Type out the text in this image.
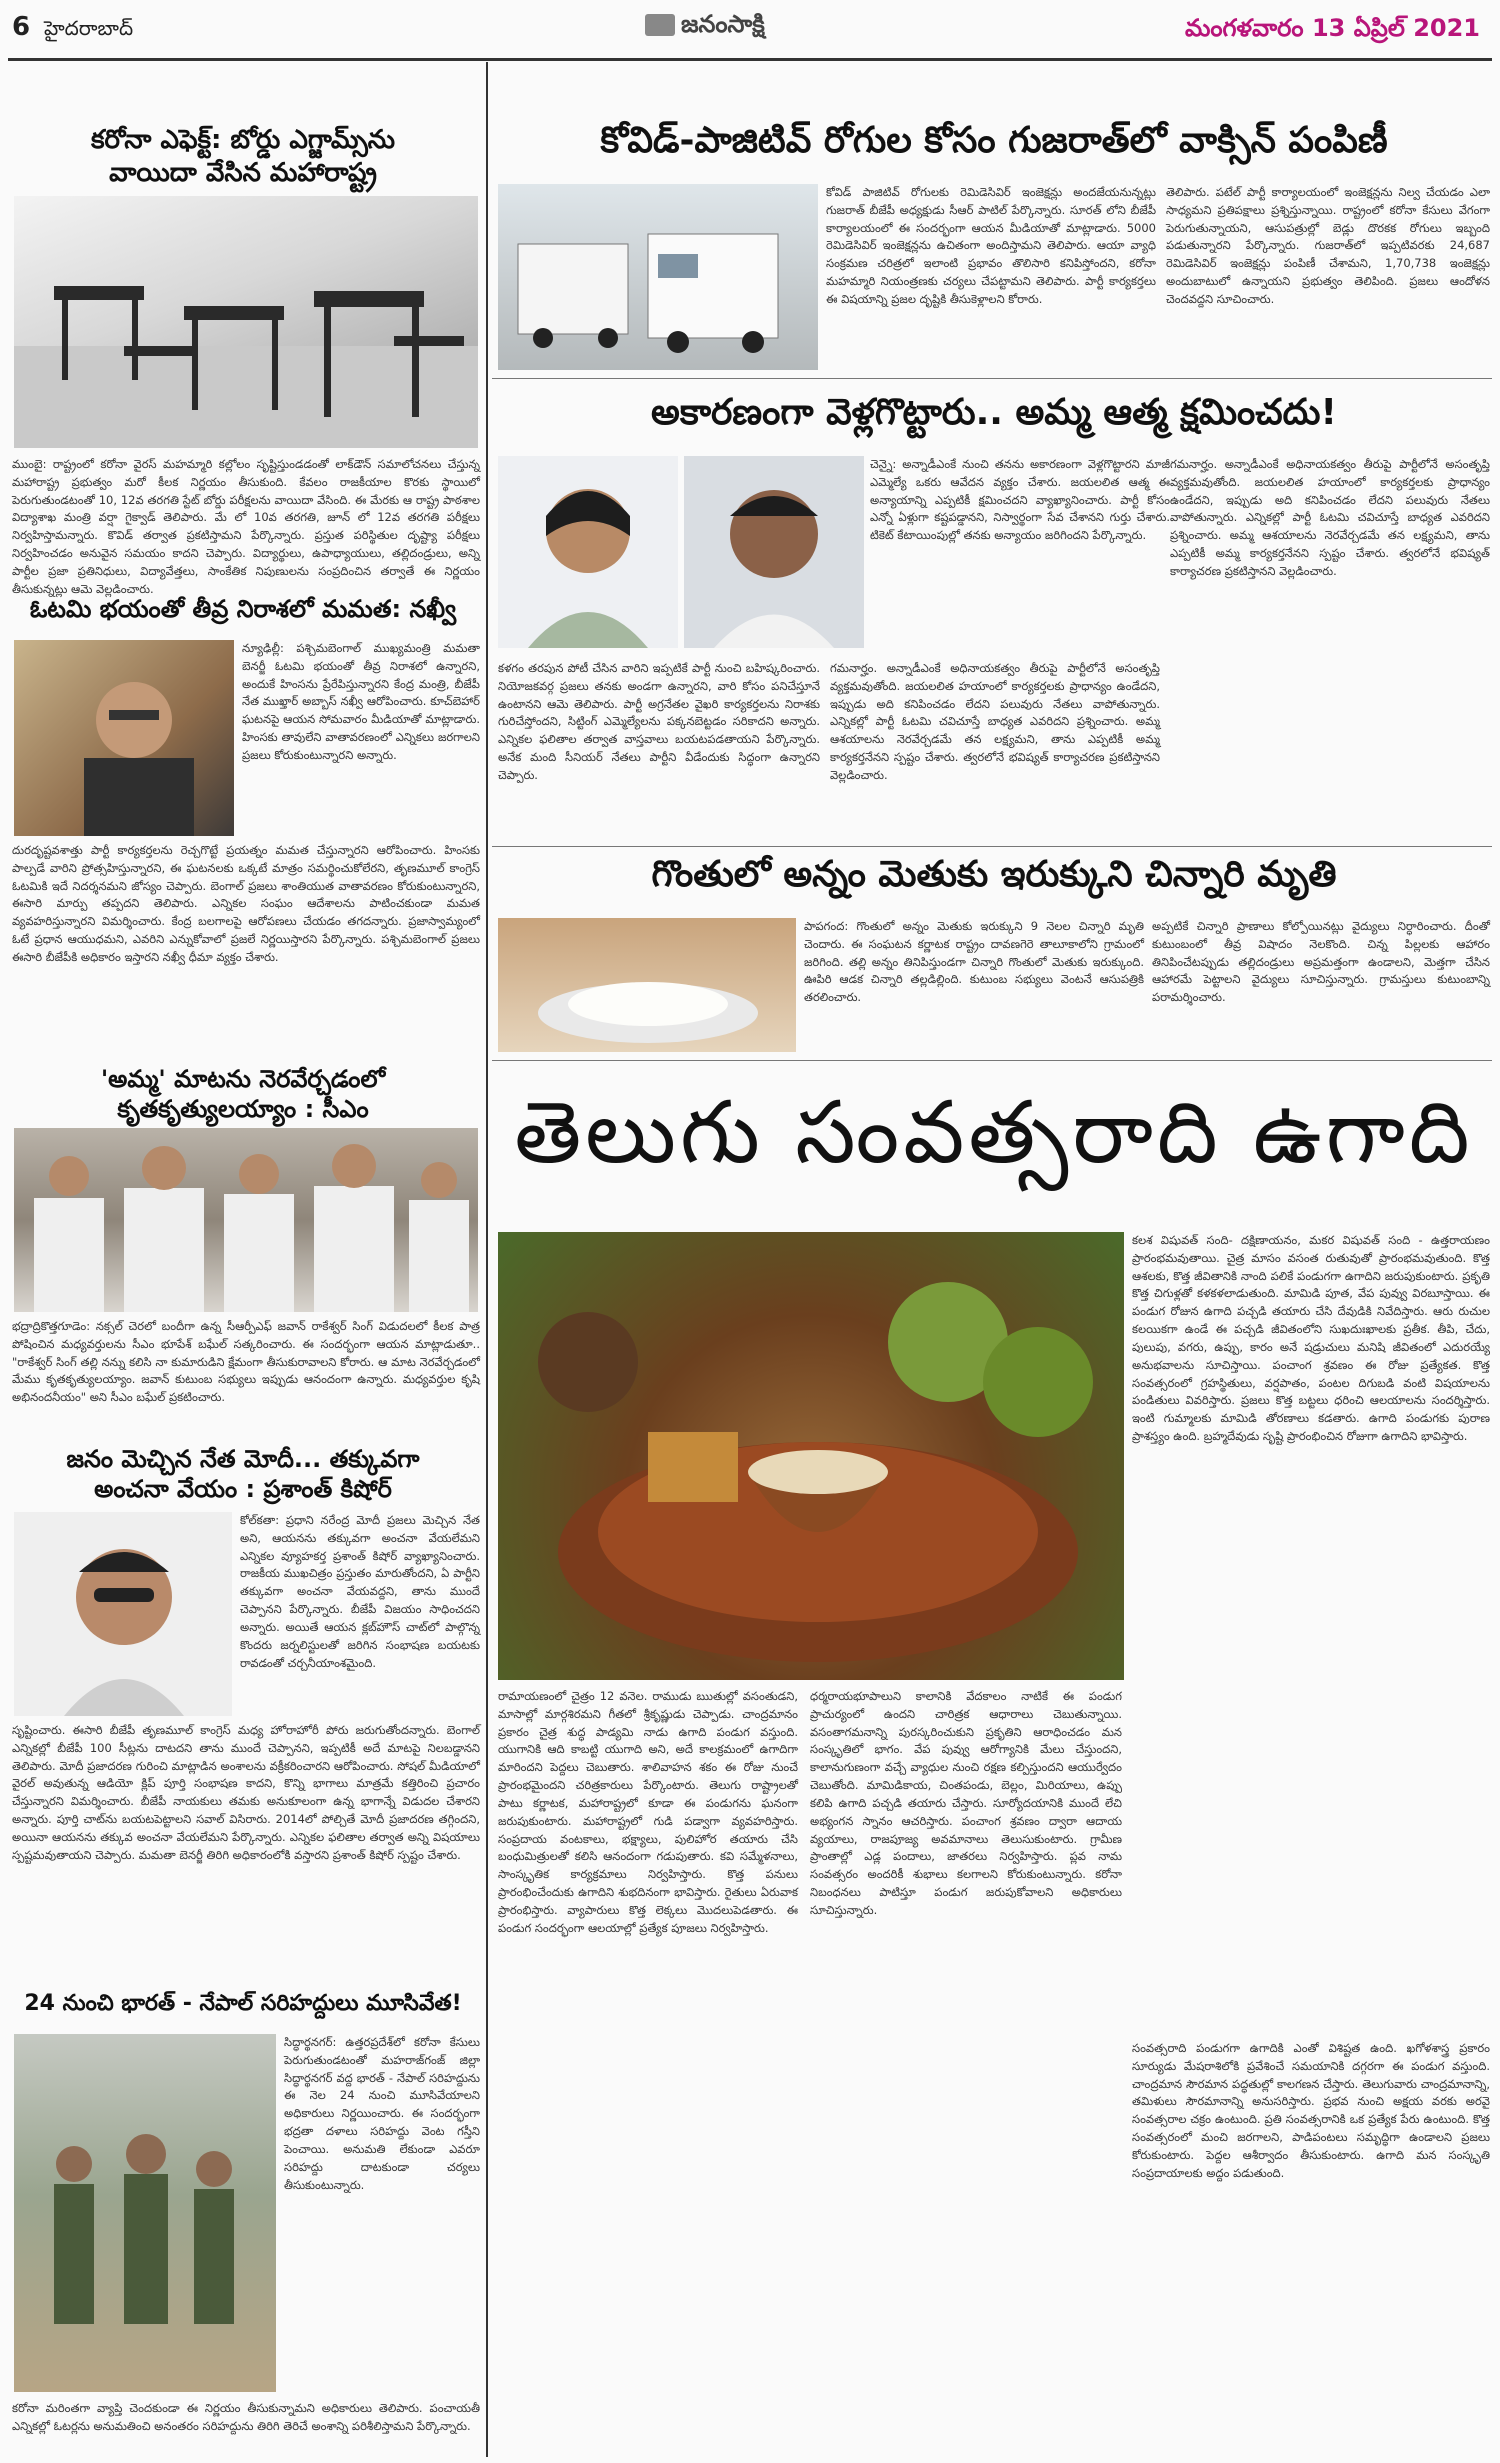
6 హైదరాబాద్	జనంసాక్షి	మంగళవారం 13 ఏప్రిల్ 2021
కరోనా ఎఫెక్ట్: బోర్డు ఎగ్జామ్స్‌ను
వాయిదా వేసిన మహారాష్ట్ర
ముంబై: రాష్ట్రంలో కరోనా వైరస్ మహమ్మారి కల్లోలం సృష్టిస్తుండడంతో లాక్‌డౌన్ సమాలోచనలు చేస్తున్న మహారాష్ట్ర ప్రభుత్వం మరో కీలక నిర్ణయం తీసుకుంది. కేవలం రాజకీయాల కొరకు స్థాయిలో పెరుగుతుండటంతో 10, 12వ తరగతి స్టేట్ బోర్డు పరీక్షలను వాయిదా వేసింది. ఈ మేరకు ఆ రాష్ట్ర పాఠశాల విద్యాశాఖ మంత్రి వర్షా గైక్వాడ్ తెలిపారు. మే లో 10వ తరగతి, జూన్ లో 12వ తరగతి పరీక్షలు నిర్వహిస్తామన్నారు. కొవిడ్ తర్వాత ప్రకటిస్తామని పేర్కొన్నారు. ప్రస్తుత పరిస్థితుల దృష్ట్యా పరీక్షలు నిర్వహించడం అనువైన సమయం కాదని చెప్పారు. విద్యార్థులు, ఉపాధ్యాయులు, తల్లిదండ్రులు, అన్ని పార్టీల ప్రజా ప్రతినిధులు, విద్యావేత్తలు, సాంకేతిక నిపుణులను సంప్రదించిన తర్వాతే ఈ నిర్ణయం తీసుకున్నట్లు ఆమె వెల్లడించారు.
ఓటమి భయంతో తీవ్ర నిరాశలో మమత: నఖ్వీ
న్యూఢిల్లీ: పశ్చిమబెంగాల్ ముఖ్యమంత్రి మమతా బెనర్జీ ఓటమి భయంతో తీవ్ర నిరాశలో ఉన్నారని, అందుకే హింసను ప్రేరేపిస్తున్నారని కేంద్ర మంత్రి, బీజేపీ నేత ముఖ్తార్ అబ్బాస్ నఖ్వీ ఆరోపించారు. కూచ్‌బెహార్ ఘటనపై ఆయన సోమవారం మీడియాతో మాట్లాడారు. హింసకు తావులేని వాతావరణంలో ఎన్నికలు జరగాలని ప్రజలు కోరుకుంటున్నారని అన్నారు.
దురదృష్టవశాత్తు పార్టీ కార్యకర్తలను రెచ్చగొట్టే ప్రయత్నం మమత చేస్తున్నారని ఆరోపించారు. హింసకు పాల్పడే వారిని ప్రోత్సహిస్తున్నారని, ఈ ఘటనలకు ఒక్కటే మాత్రం సమర్థించుకోలేరని, తృణమూల్ కాంగ్రెస్ ఓటమికి ఇదే నిదర్శనమని జోస్యం చెప్పారు. బెంగాల్ ప్రజలు శాంతియుత వాతావరణం కోరుకుంటున్నారని, ఈసారి మార్పు తప్పదని తెలిపారు. ఎన్నికల సంఘం ఆదేశాలను పాటించకుండా మమత వ్యవహరిస్తున్నారని విమర్శించారు. కేంద్ర బలగాలపై ఆరోపణలు చేయడం తగదన్నారు. ప్రజాస్వామ్యంలో ఓటే ప్రధాన ఆయుధమని, ఎవరిని ఎన్నుకోవాలో ప్రజలే నిర్ణయిస్తారని పేర్కొన్నారు. పశ్చిమబెంగాల్ ప్రజలు ఈసారి బీజేపీకి అధికారం ఇస్తారని నఖ్వీ ధీమా వ్యక్తం చేశారు.
'అమ్మ' మాటను నెరవేర్చడంలో
కృతకృత్యులయ్యాం : సీఎం
భద్రాద్రికొత్తగూడెం: నక్సల్ చెరలో బందీగా ఉన్న సీఆర్పీఎఫ్ జవాన్ రాకేశ్వర్ సింగ్ విడుదలలో కీలక పాత్ర పోషించిన మధ్యవర్తులను సీఎం భూపేశ్ బఘేల్ సత్కరించారు. ఈ సందర్భంగా ఆయన మాట్లాడుతూ.. "రాకేశ్వర్ సింగ్ తల్లి నన్ను కలిసి నా కుమారుడిని క్షేమంగా తీసుకురావాలని కోరారు. ఆ మాట నెరవేర్చడంలో మేము కృతకృత్యులయ్యాం. జవాన్ కుటుంబ సభ్యులు ఇప్పుడు ఆనందంగా ఉన్నారు. మధ్యవర్తుల కృషి అభినందనీయం" అని సీఎం బఘేల్ ప్రకటించారు.
జనం మెచ్చిన నేత మోదీ... తక్కువగా
అంచనా వేయం : ప్రశాంత్ కిషోర్
కోల్‌కతా: ప్రధాని నరేంద్ర మోదీ ప్రజలు మెచ్చిన నేత అని, ఆయనను తక్కువగా అంచనా వేయలేమని ఎన్నికల వ్యూహకర్త ప్రశాంత్ కిషోర్ వ్యాఖ్యానించారు. రాజకీయ ముఖచిత్రం ప్రస్తుతం మారుతోందని, ఏ పార్టీని తక్కువగా అంచనా వేయవద్దని, తాను ముందే చెప్పానని పేర్కొన్నారు. బీజేపీ విజయం సాధించదని అన్నారు. అయితే ఆయన క్లబ్‌హౌస్ చాట్‌లో పాల్గొన్న కొందరు జర్నలిస్టులతో జరిగిన సంభాషణ బయటకు రావడంతో చర్చనీయాంశమైంది.
సృష్టించారు. ఈసారి బీజేపీ తృణమూల్ కాంగ్రెస్ మధ్య హోరాహోరీ పోరు జరుగుతోందన్నారు. బెంగాల్ ఎన్నికల్లో బీజేపీ 100 సీట్లను దాటదని తాను ముందే చెప్పానని, ఇప్పటికీ అదే మాటపై నిలబడ్డానని తెలిపారు. మోదీ ప్రజాదరణ గురించి మాట్లాడిన అంశాలను వక్రీకరించారని ఆరోపించారు. సోషల్ మీడియాలో వైరల్ అవుతున్న ఆడియో క్లిప్ పూర్తి సంభాషణ కాదని, కొన్ని భాగాలు మాత్రమే కత్తిరించి ప్రచారం చేస్తున్నారని విమర్శించారు. బీజేపీ నాయకులు తమకు అనుకూలంగా ఉన్న భాగాన్నే విడుదల చేశారని అన్నారు. పూర్తి చాట్‌ను బయటపెట్టాలని సవాల్ విసిరారు. 2014లో పోల్చితే మోదీ ప్రజాదరణ తగ్గిందని, అయినా ఆయనను తక్కువ అంచనా వేయలేమని పేర్కొన్నారు. ఎన్నికల ఫలితాల తర్వాత అన్ని విషయాలు స్పష్టమవుతాయని చెప్పారు. మమతా బెనర్జీ తిరిగి అధికారంలోకి వస్తారని ప్రశాంత్ కిషోర్ స్పష్టం చేశారు.
24 నుంచి భారత్ - నేపాల్ సరిహద్దులు మూసివేత!
సిద్ధార్థనగర్: ఉత్తరప్రదేశ్‌లో కరోనా కేసులు పెరుగుతుండటంతో మహరాజ్‌గంజ్ జిల్లా సిద్ధార్థనగర్ వద్ద భారత్ - నేపాల్ సరిహద్దును ఈ నెల 24 నుంచి మూసివేయాలని అధికారులు నిర్ణయించారు. ఈ సందర్భంగా భద్రతా దళాలు సరిహద్దు వెంట గస్తీని పెంచాయి. అనుమతి లేకుండా ఎవరూ సరిహద్దు దాటకుండా చర్యలు తీసుకుంటున్నారు.
కరోనా మరింతగా వ్యాప్తి చెందకుండా ఈ నిర్ణయం తీసుకున్నామని అధికారులు తెలిపారు. పంచాయతీ ఎన్నికల్లో ఓటర్లను అనుమతించి అనంతరం సరిహద్దును తిరిగి తెరిచే అంశాన్ని పరిశీలిస్తామని పేర్కొన్నారు.
కోవిడ్-పాజిటివ్ రోగుల కోసం గుజరాత్‌లో వాక్సిన్ పంపిణీ
కోవిడ్ పాజిటివ్ రోగులకు రెమిడెసివిర్ ఇంజెక్షన్లు అందజేయనున్నట్లు గుజరాత్ బీజేపీ అధ్యక్షుడు సీఆర్ పాటిల్ పేర్కొన్నారు. సూరత్ లోని బీజేపీ కార్యాలయంలో ఈ సందర్భంగా ఆయన మీడియాతో మాట్లాడారు. 5000 రెమిడెసివిర్ ఇంజెక్షన్లను ఉచితంగా అందిస్తామని తెలిపారు. ఆయా వ్యాధి సంక్రమణ చరిత్రలో ఇలాంటి ప్రభావం తొలిసారి కనిపిస్తోందని, కరోనా మహమ్మారి నియంత్రణకు చర్యలు చేపట్టామని తెలిపారు. పార్టీ కార్యకర్తలు ఈ విషయాన్ని ప్రజల దృష్టికి తీసుకెళ్లాలని కోరారు.
తెలిపారు. పటేల్ పార్టీ కార్యాలయంలో ఇంజెక్షన్లను నిల్వ చేయడం ఎలా సాధ్యమని ప్రతిపక్షాలు ప్రశ్నిస్తున్నాయి. రాష్ట్రంలో కరోనా కేసులు వేగంగా పెరుగుతున్నాయని, ఆసుపత్రుల్లో బెడ్లు దొరకక రోగులు ఇబ్బంది పడుతున్నారని పేర్కొన్నారు. గుజరాత్‌లో ఇప్పటివరకు 24,687 రెమిడెసివిర్ ఇంజెక్షన్లు పంపిణీ చేశామని, 1,70,738 ఇంజెక్షన్లు అందుబాటులో ఉన్నాయని ప్రభుత్వం తెలిపింది. ప్రజలు ఆందోళన చెందవద్దని సూచించారు.
అకారణంగా వెళ్లగొట్టారు.. అమ్మ ఆత్మ క్షమించదు!
చెన్నై: అన్నాడీఎంకే నుంచి తనను అకారణంగా వెళ్లగొట్టారని మాజీ ఎమ్మెల్యే ఒకరు ఆవేదన వ్యక్తం చేశారు. జయలలిత ఆత్మ ఈ అన్యాయాన్ని ఎప్పటికీ క్షమించదని వ్యాఖ్యానించారు. పార్టీ కోసం ఎన్నో ఏళ్లుగా కష్టపడ్డానని, నిస్వార్థంగా సేవ చేశానని గుర్తు చేశారు. టికెట్ కేటాయింపుల్లో తనకు అన్యాయం జరిగిందని పేర్కొన్నారు.
కళగం తరపున పోటీ చేసిన వారిని ఇప్పటికే పార్టీ నుంచి బహిష్కరించారు. నియోజకవర్గ ప్రజలు తనకు అండగా ఉన్నారని, వారి కోసం పనిచేస్తూనే ఉంటానని ఆమె తెలిపారు. పార్టీ అగ్రనేతల వైఖరి కార్యకర్తలను నిరాశకు గురిచేస్తోందని, సిట్టింగ్ ఎమ్మెల్యేలను పక్కనబెట్టడం సరికాదని అన్నారు. ఎన్నికల ఫలితాల తర్వాత వాస్తవాలు బయటపడతాయని పేర్కొన్నారు. అనేక మంది సీనియర్ నేతలు పార్టీని వీడేందుకు సిద్ధంగా ఉన్నారని చెప్పారు.
గమనార్హం. అన్నాడీఎంకే అధినాయకత్వం తీరుపై పార్టీలోనే అసంతృప్తి వ్యక్తమవుతోంది. జయలలిత హయాంలో కార్యకర్తలకు ప్రాధాన్యం ఉండేదని, ఇప్పుడు అది కనిపించడం లేదని పలువురు నేతలు వాపోతున్నారు. ఎన్నికల్లో పార్టీ ఓటమి చవిచూస్తే బాధ్యత ఎవరిదని ప్రశ్నించారు. అమ్మ ఆశయాలను నెరవేర్చడమే తన లక్ష్యమని, తాను ఎప్పటికీ అమ్మ కార్యకర్తనేనని స్పష్టం చేశారు. త్వరలోనే భవిష్యత్ కార్యాచరణ ప్రకటిస్తానని వెల్లడించారు.
గమనార్హం. అన్నాడీఎంకే అధినాయకత్వం తీరుపై పార్టీలోనే అసంతృప్తి వ్యక్తమవుతోంది. జయలలిత హయాంలో కార్యకర్తలకు ప్రాధాన్యం ఉండేదని, ఇప్పుడు అది కనిపించడం లేదని పలువురు నేతలు వాపోతున్నారు. ఎన్నికల్లో పార్టీ ఓటమి చవిచూస్తే బాధ్యత ఎవరిదని ప్రశ్నించారు. అమ్మ ఆశయాలను నెరవేర్చడమే తన లక్ష్యమని, తాను ఎప్పటికీ అమ్మ కార్యకర్తనేనని స్పష్టం చేశారు. త్వరలోనే భవిష్యత్ కార్యాచరణ ప్రకటిస్తానని వెల్లడించారు.
గొంతులో అన్నం మెతుకు ఇరుక్కుని చిన్నారి మృతి
పాపగంద: గొంతులో అన్నం మెతుకు ఇరుక్కుని 9 నెలల చిన్నారి మృతి చెందారు. ఈ సంఘటన కర్ణాటక రాష్ట్రం దావణగెరె తాలూకాలోని గ్రామంలో జరిగింది. తల్లి అన్నం తినిపిస్తుండగా చిన్నారి గొంతులో మెతుకు ఇరుక్కుంది. ఊపిరి ఆడక చిన్నారి తల్లడిల్లింది. కుటుంబ సభ్యులు వెంటనే ఆసుపత్రికి తరలించారు.
అప్పటికే చిన్నారి ప్రాణాలు కోల్పోయినట్లు వైద్యులు నిర్ధారించారు. దీంతో కుటుంబంలో తీవ్ర విషాదం నెలకొంది. చిన్న పిల్లలకు ఆహారం తినిపించేటప్పుడు తల్లిదండ్రులు అప్రమత్తంగా ఉండాలని, మెత్తగా చేసిన ఆహారమే పెట్టాలని వైద్యులు సూచిస్తున్నారు. గ్రామస్తులు కుటుంబాన్ని పరామర్శించారు.
తెలుగు సంవత్సరాది ఉగాది
కలశ విషువత్ సంది- దక్షిణాయనం, మకర విషువత్ సంది - ఉత్తరాయణం ప్రారంభమవుతాయి. చైత్ర మాసం వసంత రుతువుతో ప్రారంభమవుతుంది. కొత్త ఆశలకు, కొత్త జీవితానికి నాంది పలికే పండుగగా ఉగాదిని జరుపుకుంటారు. ప్రకృతి కొత్త చిగుళ్లతో కళకళలాడుతుంది. మామిడి పూత, వేప పువ్వు విరబూస్తాయి. ఈ పండుగ రోజున ఉగాది పచ్చడి తయారు చేసి దేవుడికి నివేదిస్తారు. ఆరు రుచుల కలయికగా ఉండే ఈ పచ్చడి జీవితంలోని సుఖదుఃఖాలకు ప్రతీక. తీపి, చేదు, పులుపు, వగరు, ఉప్పు, కారం అనే షడ్రుచులు మనిషి జీవితంలో ఎదురయ్యే అనుభవాలను సూచిస్తాయి. పంచాంగ శ్రవణం ఈ రోజు ప్రత్యేకత. కొత్త సంవత్సరంలో గ్రహస్థితులు, వర్షపాతం, పంటల దిగుబడి వంటి విషయాలను పండితులు వివరిస్తారు. ప్రజలు కొత్త బట్టలు ధరించి ఆలయాలను సందర్శిస్తారు. ఇంటి గుమ్మాలకు మామిడి తోరణాలు కడతారు. ఉగాది పండుగకు పురాణ ప్రాశస్త్యం ఉంది. బ్రహ్మదేవుడు సృష్టి ప్రారంభించిన రోజుగా ఉగాదిని భావిస్తారు.
రామాయణంలో చైత్రం 12 వనెల. రాముడు ఋతుల్లో వసంతుడని, మాసాల్లో మార్గశిరమని గీతలో శ్రీకృష్ణుడు చెప్పాడు. చాంద్రమానం ప్రకారం చైత్ర శుద్ధ పాడ్యమి నాడు ఉగాది పండుగ వస్తుంది. యుగానికి ఆది కాబట్టి యుగాది అని, అదే కాలక్రమంలో ఉగాదిగా మారిందని పెద్దలు చెబుతారు. శాలివాహన శకం ఈ రోజు నుంచే ప్రారంభమైందని చరిత్రకారులు పేర్కొంటారు. తెలుగు రాష్ట్రాలతో పాటు కర్ణాటక, మహారాష్ట్రలో కూడా ఈ పండుగను ఘనంగా జరుపుకుంటారు. మహారాష్ట్రలో గుడి పడ్వాగా వ్యవహరిస్తారు. సంప్రదాయ వంటకాలు, భక్ష్యాలు, పులిహోర తయారు చేసి బంధుమిత్రులతో కలిసి ఆనందంగా గడుపుతారు. కవి సమ్మేళనాలు, సాంస్కృతిక కార్యక్రమాలు నిర్వహిస్తారు. కొత్త పనులు ప్రారంభించేందుకు ఉగాదిని శుభదినంగా భావిస్తారు. రైతులు ఏరువాక ప్రారంభిస్తారు. వ్యాపారులు కొత్త లెక్కలు మొదలుపెడతారు. ఈ పండుగ సందర్భంగా ఆలయాల్లో ప్రత్యేక పూజలు నిర్వహిస్తారు.
ధర్మరాయభూపాలుని కాలానికి వేదకాలం నాటికే ఈ పండుగ ప్రాచుర్యంలో ఉందని చారిత్రక ఆధారాలు చెబుతున్నాయి. వసంతాగమనాన్ని పురస్కరించుకుని ప్రకృతిని ఆరాధించడం మన సంస్కృతిలో భాగం. వేప పువ్వు ఆరోగ్యానికి మేలు చేస్తుందని, కాలానుగుణంగా వచ్చే వ్యాధుల నుంచి రక్షణ కల్పిస్తుందని ఆయుర్వేదం చెబుతోంది. మామిడికాయ, చింతపండు, బెల్లం, మిరియాలు, ఉప్పు కలిపి ఉగాది పచ్చడి తయారు చేస్తారు. సూర్యోదయానికి ముందే లేచి అభ్యంగన స్నానం ఆచరిస్తారు. పంచాంగ శ్రవణం ద్వారా ఆదాయ వ్యయాలు, రాజపూజ్య అవమానాలు తెలుసుకుంటారు. గ్రామీణ ప్రాంతాల్లో ఎడ్ల పందాలు, జాతరలు నిర్వహిస్తారు. ప్లవ నామ సంవత్సరం అందరికీ శుభాలు కలగాలని కోరుకుంటున్నారు. కరోనా నిబంధనలు పాటిస్తూ పండుగ జరుపుకోవాలని అధికారులు సూచిస్తున్నారు.
సంవత్సరాది పండుగగా ఉగాదికి ఎంతో విశిష్టత ఉంది. ఖగోళశాస్త్ర ప్రకారం సూర్యుడు మేషరాశిలోకి ప్రవేశించే సమయానికి దగ్గరగా ఈ పండుగ వస్తుంది. చాంద్రమాన సౌరమాన పద్ధతుల్లో కాలగణన చేస్తారు. తెలుగువారు చాంద్రమానాన్ని, తమిళులు సౌరమానాన్ని అనుసరిస్తారు. ప్రభవ నుంచి అక్షయ వరకు అరవై సంవత్సరాల చక్రం ఉంటుంది. ప్రతి సంవత్సరానికి ఒక ప్రత్యేక పేరు ఉంటుంది. కొత్త సంవత్సరంలో మంచి జరగాలని, పాడిపంటలు సమృద్ధిగా ఉండాలని ప్రజలు కోరుకుంటారు. పెద్దల ఆశీర్వాదం తీసుకుంటారు. ఉగాది మన సంస్కృతి సంప్రదాయాలకు అద్దం పడుతుంది.
